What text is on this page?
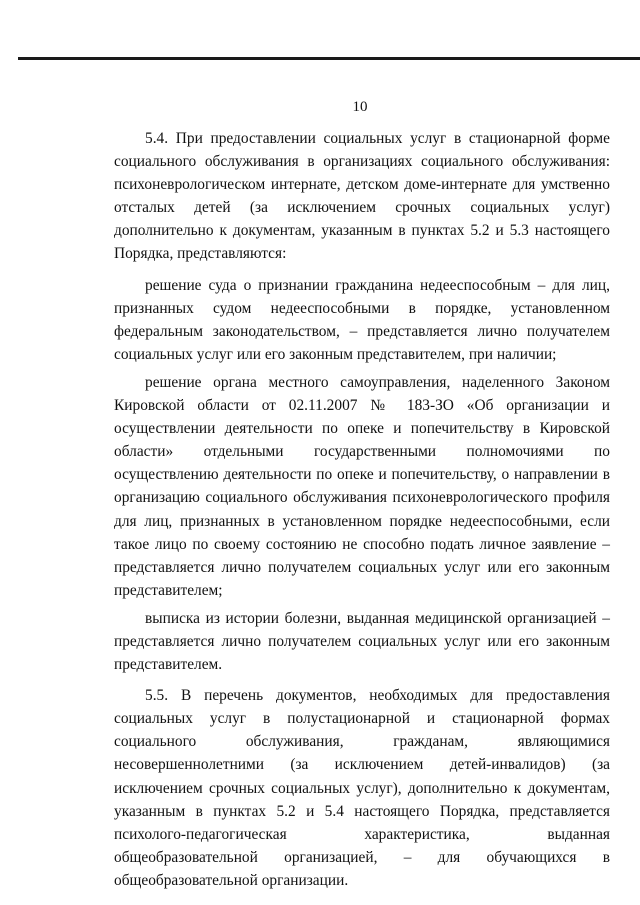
10

5.4. При предоставлении социальных услуг в стационарной форме социального обслуживания в организациях социального обслуживания: психоневрологическом интернате, детском доме-интернате для умственно отсталых детей (за исключением срочных социальных услуг) дополнительно к документам, указанным в пунктах 5.2 и 5.3 настоящего Порядка, представляются:

решение суда о признании гражданина недееспособным – для лиц, признанных судом недееспособными в порядке, установленном федеральным законодательством, – представляется лично получателем социальных услуг или его законным представителем, при наличии;

решение органа местного самоуправления, наделенного Законом Кировской области от 02.11.2007 № 183-ЗО «Об организации и осуществлении деятельности по опеке и попечительству в Кировской области» отдельными государственными полномочиями по осуществлению деятельности по опеке и попечительству, о направлении в организацию социального обслуживания психоневрологического профиля для лиц, признанных в установленном порядке недееспособными, если такое лицо по своему состоянию не способно подать личное заявление – представляется лично получателем социальных услуг или его законным представителем;

выписка из истории болезни, выданная медицинской организацией – представляется лично получателем социальных услуг или его законным представителем.

5.5. В перечень документов, необходимых для предоставления социальных услуг в полустационарной и стационарной формах социального обслуживания, гражданам, являющимися несовершеннолетними (за исключением детей-инвалидов) (за исключением срочных социальных услуг), дополнительно к документам, указанным в пунктах 5.2 и 5.4 настоящего Порядка, представляется психолого-педагогическая характеристика, выданная общеобразовательной организацией, – для обучающихся в общеобразовательной организации.
